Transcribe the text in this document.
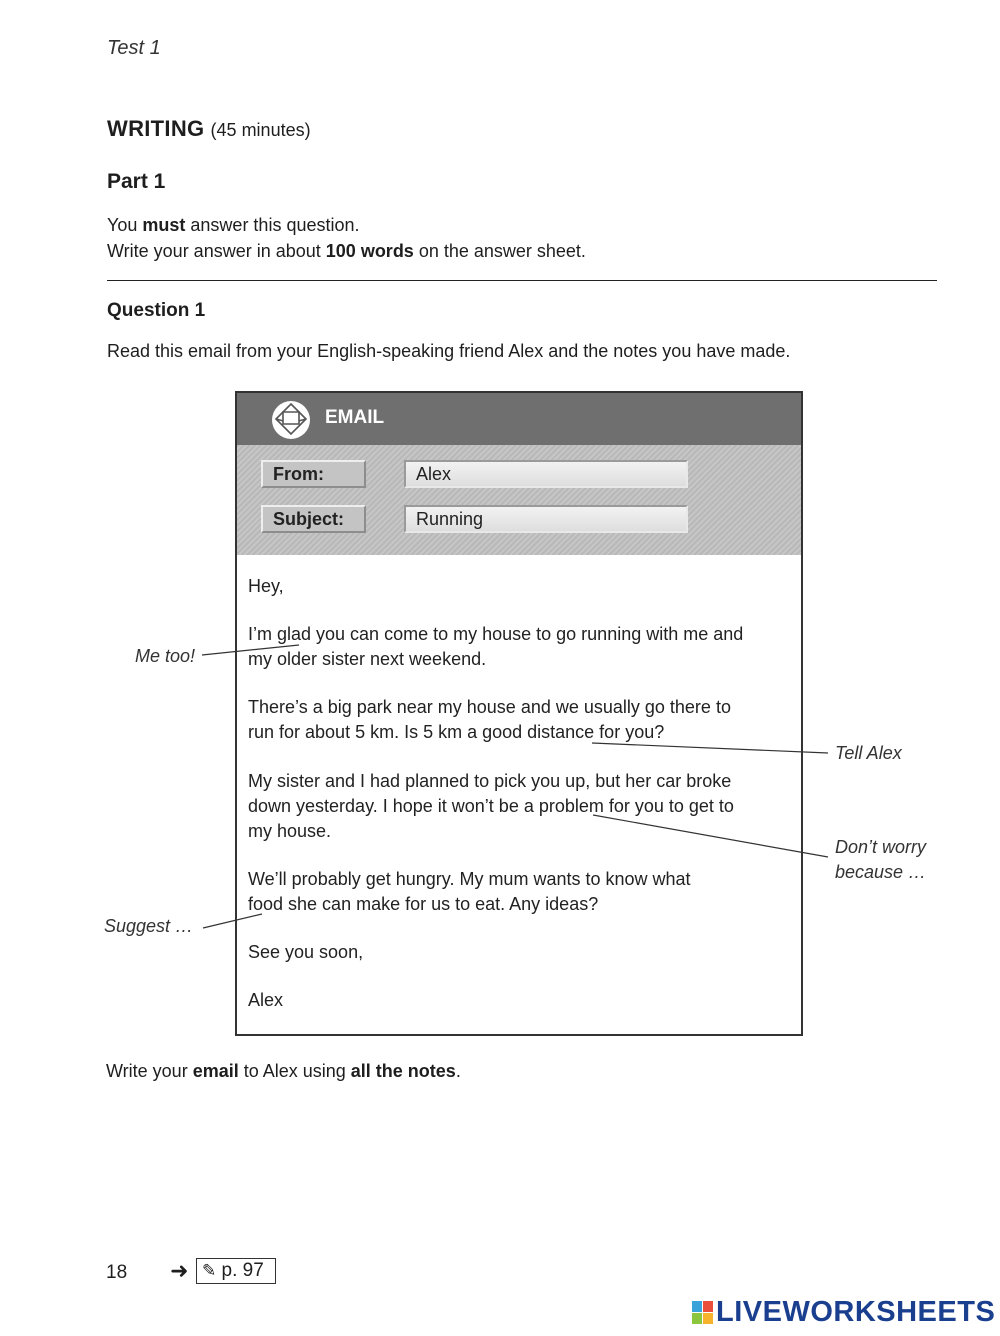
Test 1
WRITING (45 minutes)
Part 1
You must answer this question.
Write your answer in about 100 words on the answer sheet.
Question 1
Read this email from your English-speaking friend Alex and the notes you have made.
EMAIL
From:	Alex
Subject:	Running
Hey,
I’m glad you can come to my house to go running with me and
my older sister next weekend.
There’s a big park near my house and we usually go there to
run for about 5 km. Is 5 km a good distance for you?
My sister and I had planned to pick you up, but her car broke
down yesterday. I hope it won’t be a problem for you to get to
my house.
We’ll probably get hungry. My mum wants to know what
food she can make for us to eat. Any ideas?
See you soon,
Alex
Me too!
Tell Alex
Don’t worry
because …
Suggest …
Write your email to Alex using all the notes.
18 ➜ ✎ p. 97
LIVEWORKSHEETS
